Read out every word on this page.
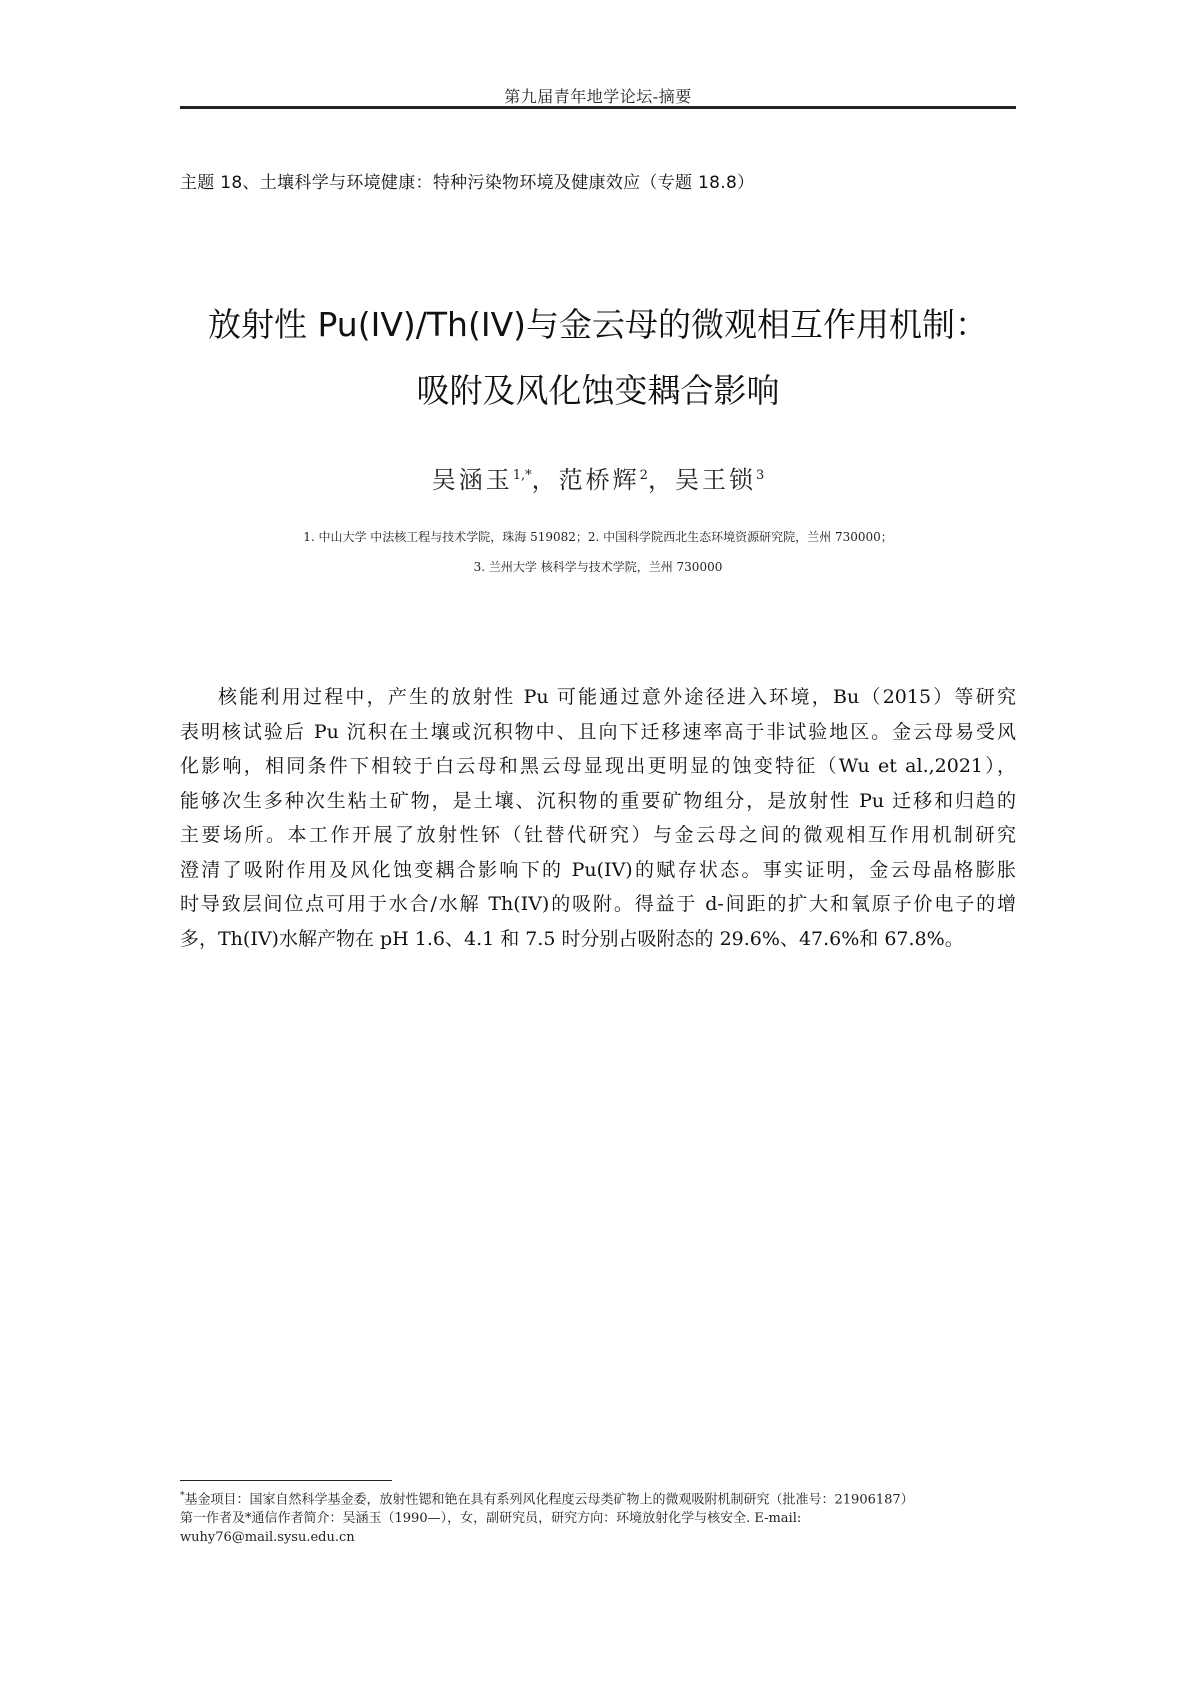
第九届青年地学论坛-摘要
主题 18、土壤科学与环境健康：特种污染物环境及健康效应（专题 18.8）
放射性 Pu(IV)/Th(IV)与金云母的微观相互作用机制：
吸附及风化蚀变耦合影响
吴涵玉$^{1,*}$，范桥辉$^2$，吴王锁$^3$
1. 中山大学 中法核工程与技术学院，珠海 519082；2. 中国科学院西北生态环境资源研究院，兰州 730000；
3. 兰州大学 核科学与技术学院，兰州 730000

核能利用过程中，产生的放射性 Pu 可能通过意外途径进入环境，Bu（2015）等研究
表明核试验后 Pu 沉积在土壤或沉积物中、且向下迁移速率高于非试验地区。金云母易受风
化影响，相同条件下相较于白云母和黑云母显现出更明显的蚀变特征（Wu et al.,2021），
能够次生多种次生粘土矿物，是土壤、沉积物的重要矿物组分，是放射性 Pu 迁移和归趋的
主要场所。本工作开展了放射性钚（钍替代研究）与金云母之间的微观相互作用机制研究
澄清了吸附作用及风化蚀变耦合影响下的 Pu(IV)的赋存状态。事实证明，金云母晶格膨胀
时导致层间位点可用于水合/水解 Th(IV)的吸附。得益于 d-间距的扩大和氧原子价电子的增
多，Th(IV)水解产物在 pH 1.6、4.1 和 7.5 时分别占吸附态的 29.6%、47.6%和 67.8%。

*基金项目：国家自然科学基金委，放射性锶和铯在具有系列风化程度云母类矿物上的微观吸附机制研究（批准号：21906187）
第一作者及*通信作者简介：吴涵玉（1990—），女，副研究员，研究方向：环境放射化学与核安全. E-mail:
wuhy76@mail.sysu.edu.cn
